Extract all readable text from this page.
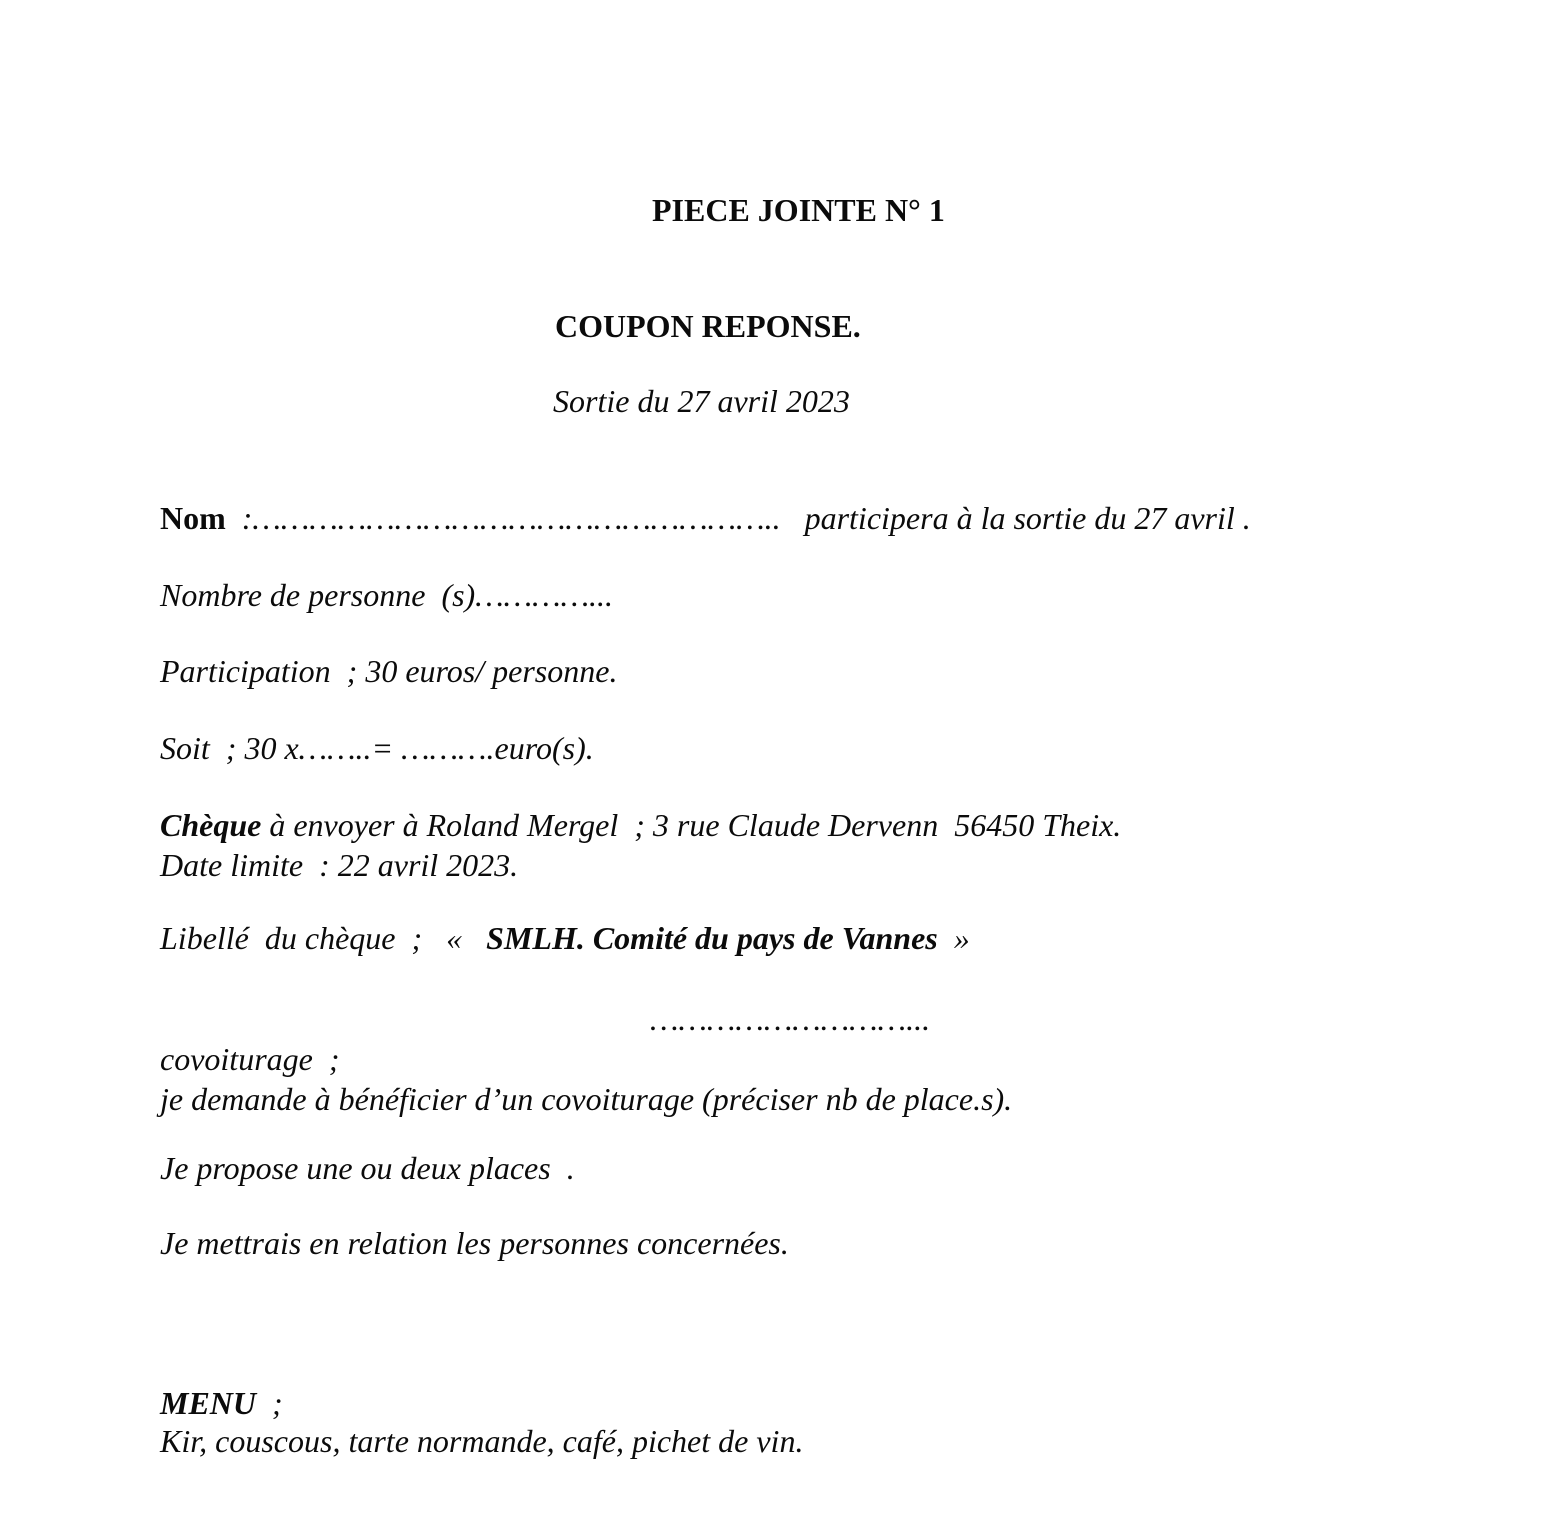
PIECE JOINTE N° 1
COUPON REPONSE.
Sortie du 27 avril 2023
Nom  :………………………………………………..   participera à la sortie du 27 avril .
Nombre de personne  (s)…………...
Participation  ; 30 euros/ personne.
Soit  ; 30 x……..= ……….euro(s).
Chèque à envoyer à Roland Mergel  ; 3 rue Claude Dervenn  56450 Theix.
Date limite  : 22 avril 2023.
Libellé  du chèque  ;   «   SMLH. Comité du pays de Vannes  »
………………………...
covoiturage  ;
je demande à bénéficier d’un covoiturage (préciser nb de place.s).
Je propose une ou deux places  .
Je mettrais en relation les personnes concernées.
MENU  ;
Kir, couscous, tarte normande, café, pichet de vin.
